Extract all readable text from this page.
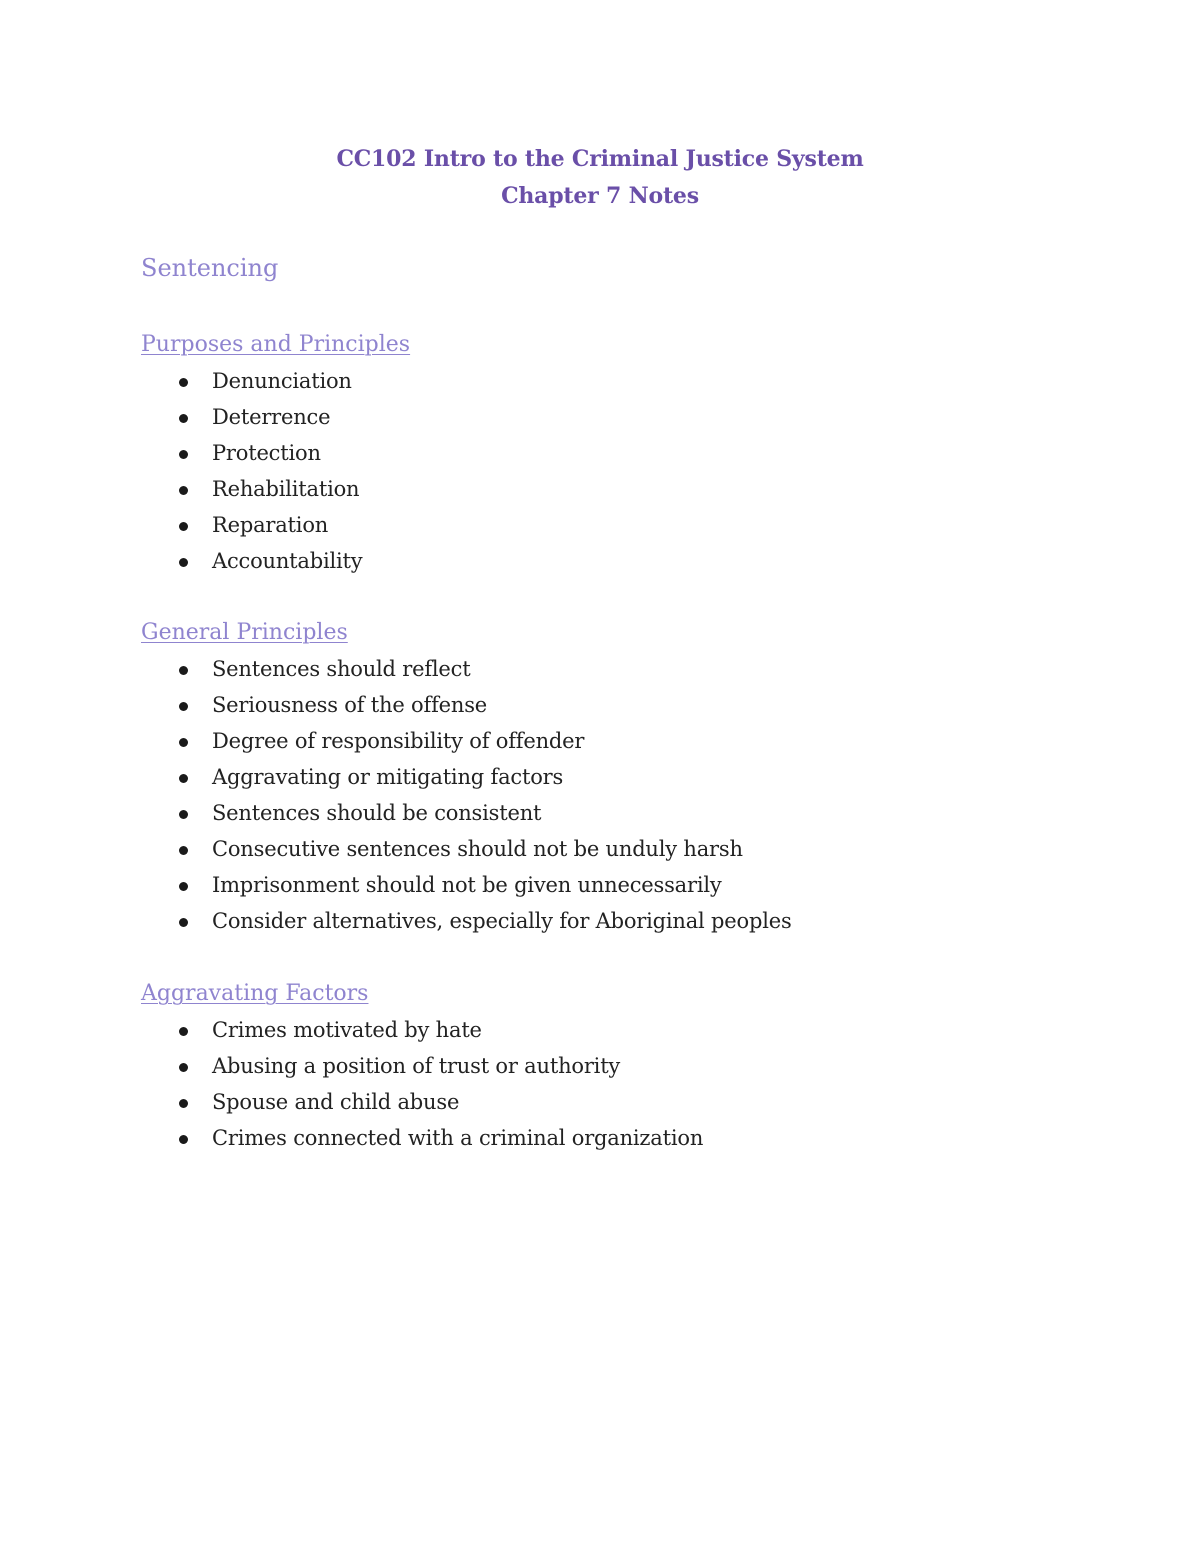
CC102 Intro to the Criminal Justice System
Chapter 7 Notes
Sentencing
Purposes and Principles
Denunciation
Deterrence
Protection
Rehabilitation
Reparation
Accountability
General Principles
Sentences should reflect
Seriousness of the offense
Degree of responsibility of offender
Aggravating or mitigating factors
Sentences should be consistent
Consecutive sentences should not be unduly harsh
Imprisonment should not be given unnecessarily
Consider alternatives, especially for Aboriginal peoples
Aggravating Factors
Crimes motivated by hate
Abusing a position of trust or authority
Spouse and child abuse
Crimes connected with a criminal organization
